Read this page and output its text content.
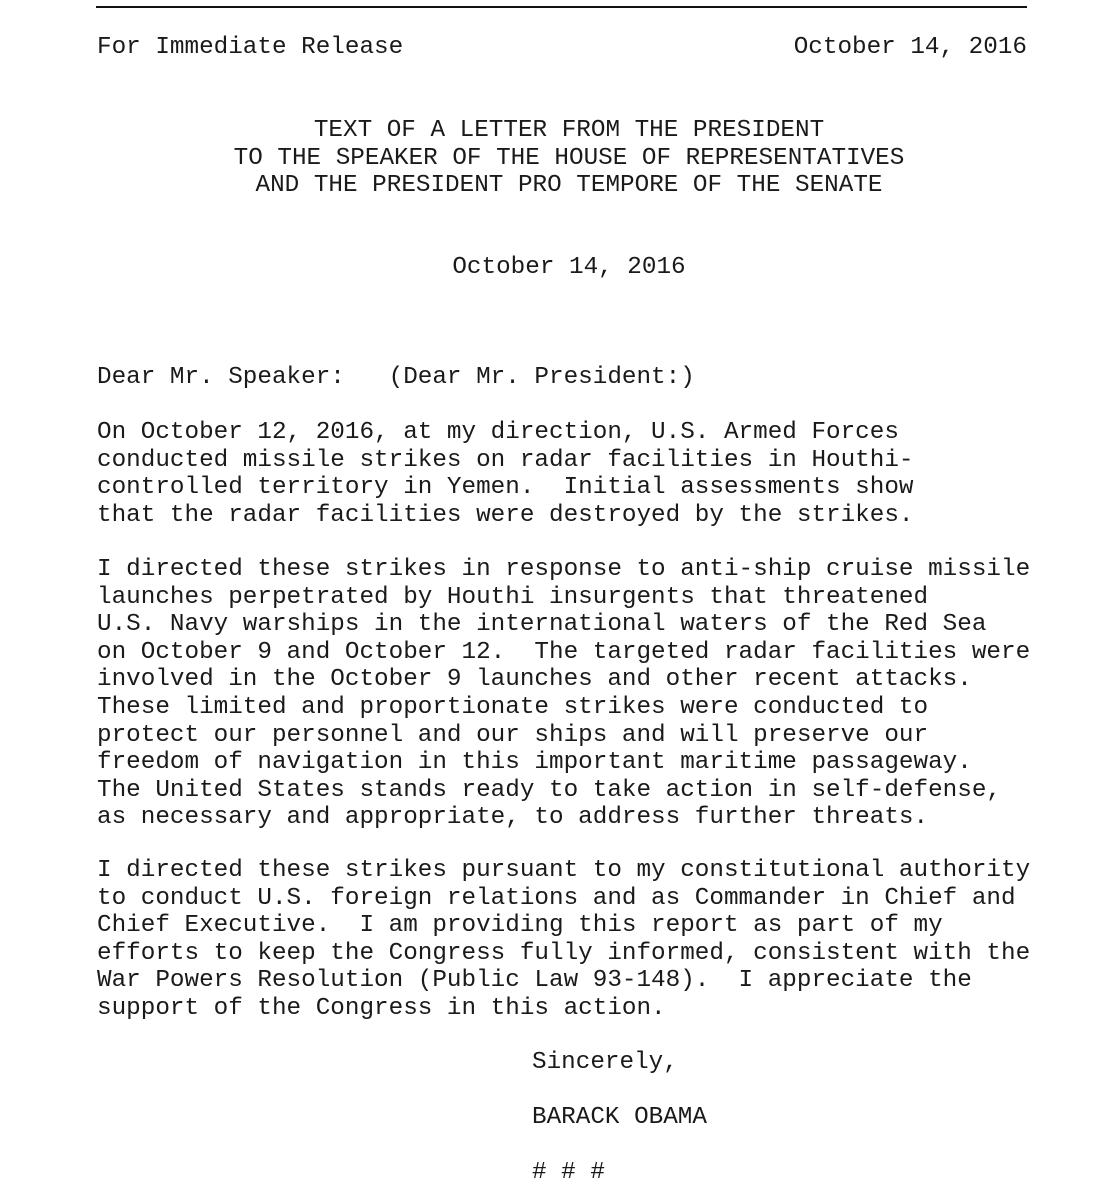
For Immediate Release	October 14, 2016

TEXT OF A LETTER FROM THE PRESIDENT
TO THE SPEAKER OF THE HOUSE OF REPRESENTATIVES
AND THE PRESIDENT PRO TEMPORE OF THE SENATE

October 14, 2016

Dear Mr. Speaker:   (Dear Mr. President:)

On October 12, 2016, at my direction, U.S. Armed Forces
conducted missile strikes on radar facilities in Houthi-
controlled territory in Yemen.  Initial assessments show
that the radar facilities were destroyed by the strikes.
I directed these strikes in response to anti-ship cruise missile
launches perpetrated by Houthi insurgents that threatened
U.S. Navy warships in the international waters of the Red Sea
on October 9 and October 12.  The targeted radar facilities were
involved in the October 9 launches and other recent attacks.
These limited and proportionate strikes were conducted to
protect our personnel and our ships and will preserve our
freedom of navigation in this important maritime passageway.
The United States stands ready to take action in self-defense,
as necessary and appropriate, to address further threats.
I directed these strikes pursuant to my constitutional authority
to conduct U.S. foreign relations and as Commander in Chief and
Chief Executive.  I am providing this report as part of my
efforts to keep the Congress fully informed, consistent with the
War Powers Resolution (Public Law 93-148).  I appreciate the
support of the Congress in this action.

Sincerely,

BARACK OBAMA

# # #
